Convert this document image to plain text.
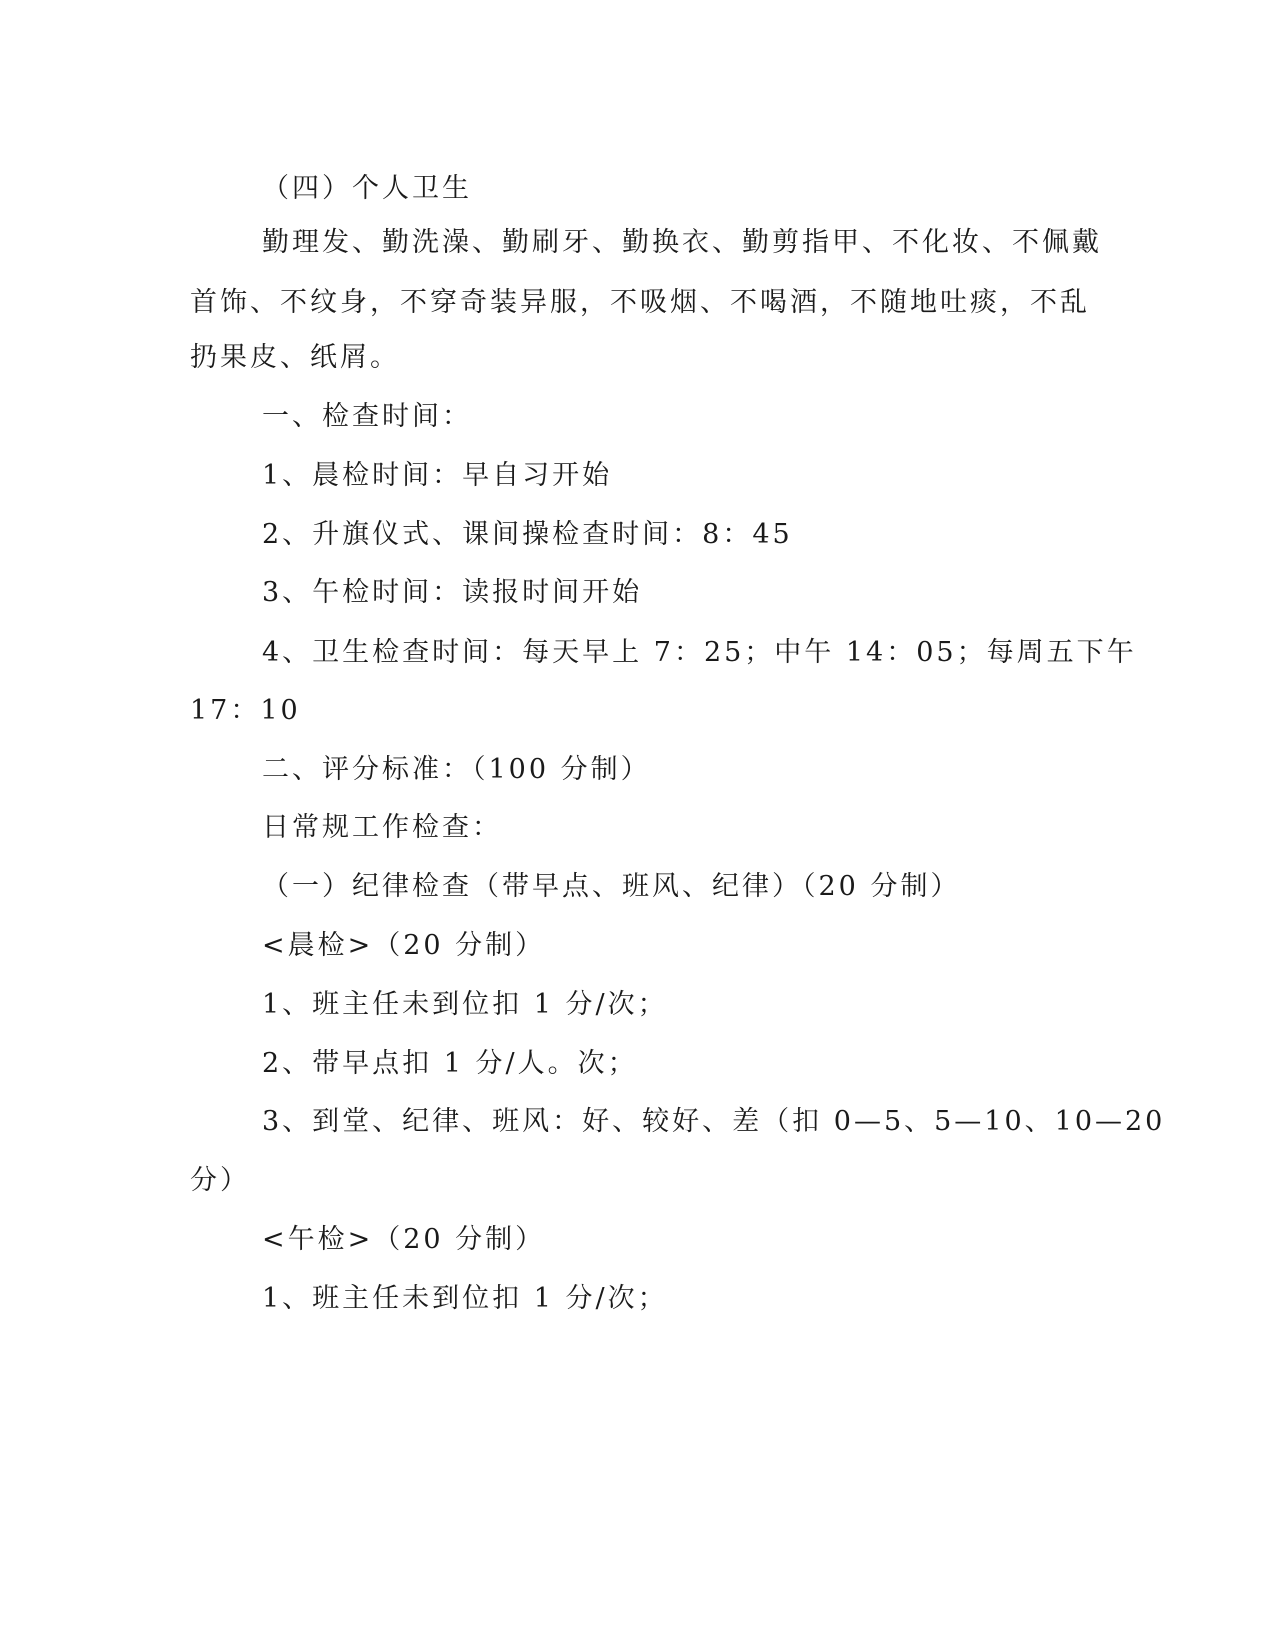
（四）个人卫生
勤理发、勤洗澡、勤刷牙、勤换衣、勤剪指甲、不化妆、不佩戴
首饰、不纹身，不穿奇装异服，不吸烟、不喝酒，不随地吐痰，不乱
扔果皮、纸屑。
一、检查时间：
1、晨检时间：早自习开始
2、升旗仪式、课间操检查时间：8：45
3、午检时间：读报时间开始
4、卫生检查时间：每天早上 7：25；中午 14：05；每周五下午
17：10
二、评分标准：（100 分制）
日常规工作检查：
（一）纪律检查（带早点、班风、纪律）（20 分制）
<晨检>（20 分制）
1、班主任未到位扣 1 分/次；
2、带早点扣 1 分/人。次；
3、到堂、纪律、班风：好、较好、差（扣 0—5、5—10、10—20
分）
<午检>（20 分制）
1、班主任未到位扣 1 分/次；
